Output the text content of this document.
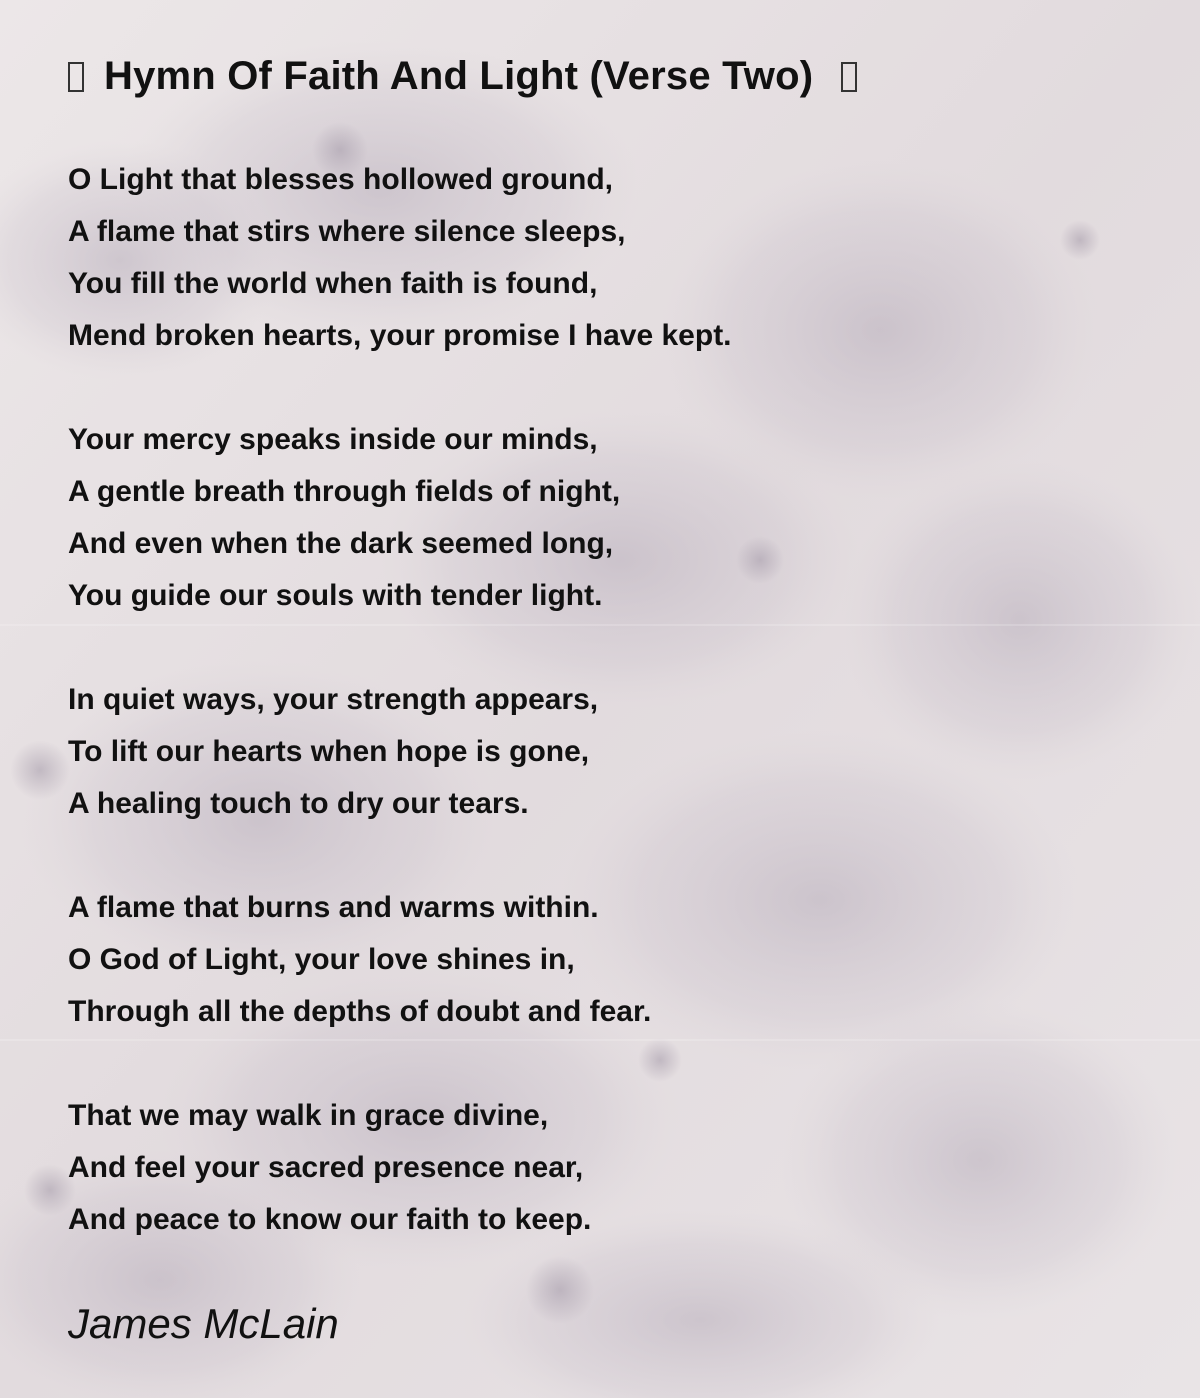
Hymn Of Faith And Light (Verse Two)
O Light that blesses hollowed ground,
A flame that stirs where silence sleeps,
You fill the world when faith is found,
Mend broken hearts, your promise I have kept.
Your mercy speaks inside our minds,
A gentle breath through fields of night,
And even when the dark seemed long,
You guide our souls with tender light.
In quiet ways, your strength appears,
To lift our hearts when hope is gone,
A healing touch to dry our tears.
A flame that burns and warms within.
O God of Light, your love shines in,
Through all the depths of doubt and fear.
That we may walk in grace divine,
And feel your sacred presence near,
And peace to know our faith to keep.
James McLain
